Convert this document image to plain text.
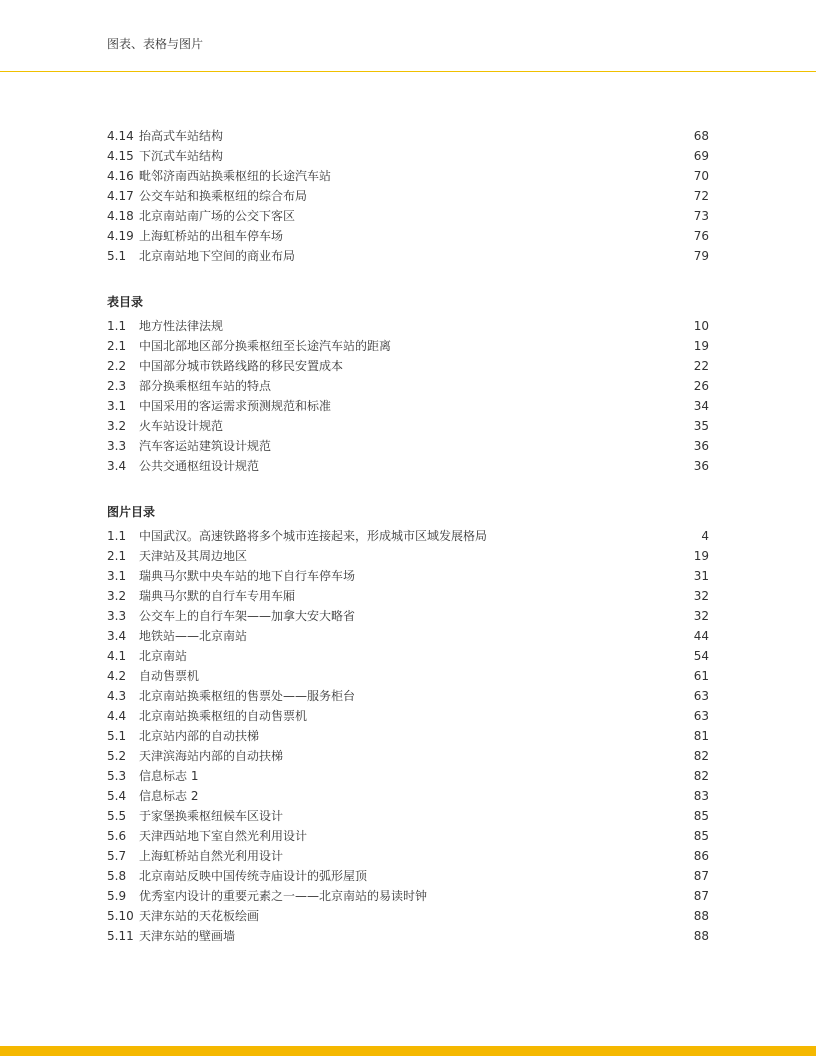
图表、表格与图片
4.14 抬高式车站结构	68
4.15 下沉式车站结构	69
4.16 毗邻济南西站换乘枢纽的长途汽车站	70
4.17 公交车站和换乘枢纽的综合布局	72
4.18 北京南站南广场的公交下客区	73
4.19 上海虹桥站的出租车停车场	76
5.1 北京南站地下空间的商业布局	79
表目录
1.1 地方性法律法规	10
2.1 中国北部地区部分换乘枢纽至长途汽车站的距离	19
2.2 中国部分城市铁路线路的移民安置成本	22
2.3 部分换乘枢纽车站的特点	26
3.1 中国采用的客运需求预测规范和标准	34
3.2 火车站设计规范	35
3.3 汽车客运站建筑设计规范	36
3.4 公共交通枢纽设计规范	36
图片目录
1.1 中国武汉。高速铁路将多个城市连接起来，形成城市区域发展格局	4
2.1 天津站及其周边地区	19
3.1 瑞典马尔默中央车站的地下自行车停车场	31
3.2 瑞典马尔默的自行车专用车厢	32
3.3 公交车上的自行车架——加拿大安大略省	32
3.4 地铁站——北京南站	44
4.1 北京南站	54
4.2 自动售票机	61
4.3 北京南站换乘枢纽的售票处——服务柜台	63
4.4 北京南站换乘枢纽的自动售票机	63
5.1 北京站内部的自动扶梯	81
5.2 天津滨海站内部的自动扶梯	82
5.3 信息标志 1	82
5.4 信息标志 2	83
5.5 于家堡换乘枢纽候车区设计	85
5.6 天津西站地下室自然光利用设计	85
5.7 上海虹桥站自然光利用设计	86
5.8 北京南站反映中国传统寺庙设计的弧形屋顶	87
5.9 优秀室内设计的重要元素之一——北京南站的易读时钟	87
5.10 天津东站的天花板绘画	88
5.11 天津东站的壁画墙	88
